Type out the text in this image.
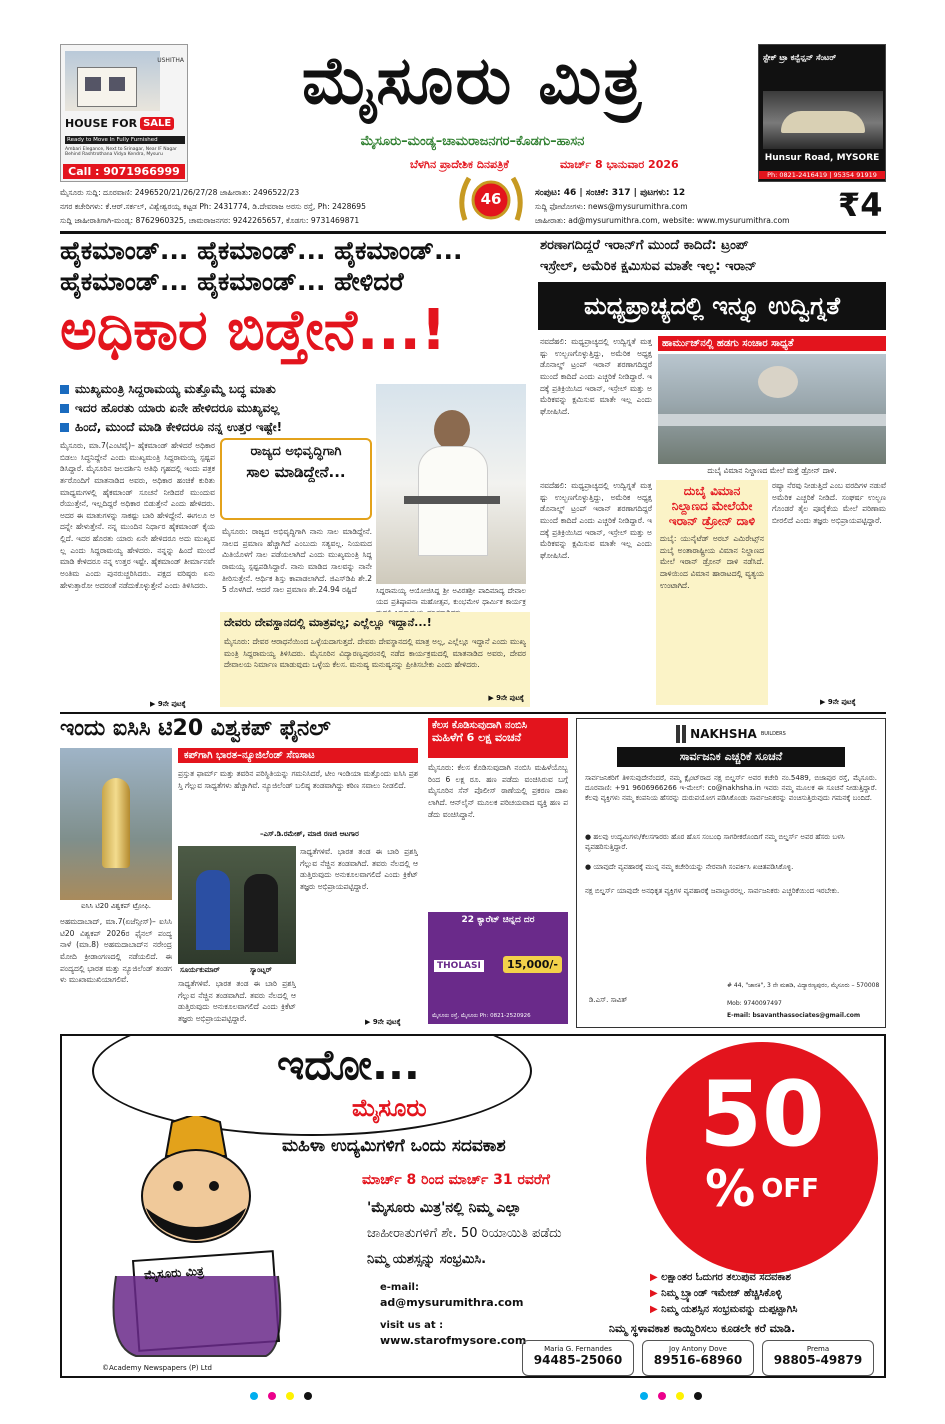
USHITHA
HOUSE FOR SALE
Ready to Move In Fully Furnished
Ambari Elegance, Next to Srinagar, Near IF Nagar Behind Rashtrothana Vidya Kendra, Mysuru
Call : 9071966999
ಮೈಸೂರು ಮಿತ್ರ
ಮೈಸೂರು–ಮಂಡ್ಯ–ಚಾಮರಾಜನಗರ–ಕೊಡಗು–ಹಾಸನ
ಬೆಳಗಿನ ಪ್ರಾದೇಶಿಕ ದಿನಪತ್ರಿಕೆ	ಮಾರ್ಚ್ 8 ಭಾನುವಾರ 2026
ಸ್ಟೇಕ್ ಟ್ರಾ ಕನ್ವೆನ್ಷನ್ ಸೆಂಟರ್
Hunsur Road, MYSORE
Ph: 0821-2416419 | 95354 91919
ಮೈಸೂರು ಸುದ್ದಿ: ದೂರವಾಣಿ: 2496520/21/26/27/28 ಜಾಹೀರಾತು: 2496522/23
ನಗರ ಕಚೇರಿಗಳು: ಕೆ.ಆರ್.ಸರ್ಕಲ್, ವಿಶ್ವೇಶ್ವರಯ್ಯ ಕಟ್ಟಡ Ph: 2431774, ಡಿ.ದೇವರಾಜ ಅರಸು ರಸ್ತೆ, Ph: 2428695
ಸುದ್ದಿ ಜಾಹೀರಾತಿಗಾಗಿ-ಮಂಡ್ಯ: 8762960325, ಚಾಮರಾಜನಗರ: 9242265657, ಕೊಡಗು: 9731469871
46	ಸಂಪುಟ: 46 | ಸಂಚಿಕೆ: 317 | ಪುಟಗಳು: 12
ಸುದ್ದಿ ಫೋಟೋಗಳು: news@mysurumithra.com
ಜಾಹೀರಾತು: ad@mysurumithra.com, website: www.mysurumithra.com ₹4
ಹೈಕಮಾಂಡ್... ಹೈಕಮಾಂಡ್... ಹೈಕಮಾಂಡ್...
ಹೈಕಮಾಂಡ್... ಹೈಕಮಾಂಡ್... ಹೇಳಿದರೆ
ಅಧಿಕಾರ ಬಿಡ್ತೇನೆ...!
ಮುಖ್ಯಮಂತ್ರಿ ಸಿದ್ದರಾಮಯ್ಯ ಮತ್ತೊಮ್ಮೆ ಬದ್ಧ ಮಾತು
ಇದರ ಹೊರತು ಯಾರು ಏನೇ ಹೇಳಿದರೂ ಮುಖ್ಯವಲ್ಲ
ಹಿಂದೆ, ಮುಂದೆ ಮಾಡಿ ಕೇಳಿದರೂ ನನ್ನ ಉತ್ತರ ಇಷ್ಟೇ!
ಮೈಸೂರು, ಮಾ.7(ಎಂಟಿವೈ)– ಹೈಕಮಾಂಡ್ ಹೇಳಿದರೆ ಅಧಿಕಾರ ಬಿಡಲು ಸಿದ್ಧನಿದ್ದೇನೆ ಎಂದು ಮುಖ್ಯಮಂತ್ರಿ ಸಿದ್ದರಾಮಯ್ಯ ಸ್ಪಷ್ಟಪಡಿಸಿದ್ದಾರೆ. ಮೈಸೂರಿನ ಜಲದರ್ಶಿನಿ ಅತಿಥಿ ಗೃಹದಲ್ಲಿ ಇಂದು ಪತ್ರಕರ್ತರೊಂದಿಗೆ ಮಾತನಾಡಿದ ಅವರು, ಅಧಿಕಾರ ಹಂಚಿಕೆ ಕುರಿತು ಮಾಧ್ಯಮಗಳಲ್ಲಿ ಹೈಕಮಾಂಡ್ ಸೂಚನೆ ನೀಡಿದರೆ ಮುಂದುವರೆಯುತ್ತೇನೆ, ಇಲ್ಲದಿದ್ದರೆ ಅಧಿಕಾರ ಬಿಡುತ್ತೇನೆ ಎಂದು ಹೇಳಿದರು. ಅದರ ಈ ಮಾತುಗಳನ್ನು ಸಾಕಷ್ಟು ಬಾರಿ ಹೇಳಿದ್ದೇನೆ. ಈಗಲೂ ಅದನ್ನೇ ಹೇಳುತ್ತೇನೆ. ನನ್ನ ಮುಂದಿನ ನಿರ್ಧಾರ ಹೈಕಮಾಂಡ್ ಕೈಯಲ್ಲಿದೆ. ಇದರ ಹೊರತು ಯಾರು ಏನೇ ಹೇಳಿದರೂ ಅದು ಮುಖ್ಯವಲ್ಲ ಎಂದು ಸಿದ್ದರಾಮಯ್ಯ ಹೇಳಿದರು. ನನ್ನನ್ನು ಹಿಂದೆ ಮುಂದೆ ಮಾಡಿ ಕೇಳಿದರೂ ನನ್ನ ಉತ್ತರ ಇಷ್ಟೇ. ಹೈಕಮಾಂಡ್ ತೀರ್ಮಾನವೇ ಅಂತಿಮ ಎಂದು ಪುನರುಚ್ಚರಿಸಿದರು. ಪಕ್ಷದ ವರಿಷ್ಠರು ಏನು ಹೇಳುತ್ತಾರೋ ಅದರಂತೆ ನಡೆದುಕೊಳ್ಳುತ್ತೇನೆ ಎಂದು ತಿಳಿಸಿದರು.
▶ 9ನೇ ಪುಟಕ್ಕೆ
ರಾಜ್ಯದ ಅಭಿವೃದ್ಧಿಗಾಗಿ
ಸಾಲ ಮಾಡಿದ್ದೇನೆ...
ಮೈಸೂರು: ರಾಜ್ಯದ ಅಭಿವೃದ್ಧಿಗಾಗಿ ನಾನು ಸಾಲ ಮಾಡಿದ್ದೇನೆ. ಸಾಲದ ಪ್ರಮಾಣ ಹೆಚ್ಚಾಗಿದೆ ಎಂಬುದು ಸತ್ಯವಲ್ಲ. ನಿಯಮದ ಮಿತಿಯೊಳಗೆ ಸಾಲ ಪಡೆಯಲಾಗಿದೆ ಎಂದು ಮುಖ್ಯಮಂತ್ರಿ ಸಿದ್ದರಾಮಯ್ಯ ಸ್ಪಷ್ಟಪಡಿಸಿದ್ದಾರೆ. ನಾನು ಮಾಡಿದ ಸಾಲವನ್ನು ನಾನೇ ತೀರಿಸುತ್ತೇನೆ. ಆರ್ಥಿಕ ಶಿಸ್ತು ಕಾಪಾಡಲಾಗಿದೆ. ಜಿಎಸ್‌ಡಿಪಿ ಶೇ.25 ರೊಳಗಿದೆ. ಆದರೆ ಸಾಲ ಪ್ರಮಾಣ ಶೇ.24.94 ರಷ್ಟಿದೆ	ಸಿದ್ದರಾಮಯ್ಯ ಆಯೋಜಿಸಿದ್ದ ಶ್ರೀ ಅವಿರತಶ್ರೀ ಪಾದಿಮಾದ್ಯ ದೇವಾಲಯದ ಪ್ರತಿಷ್ಠಾಪನಾ ಮಹೋತ್ಸವ, ಕುಂಭಮೇಳ ಧಾರ್ಮಿಕ ಕಾರ್ಯಕ್ರ
ದೇವರು ದೇವಸ್ಥಾನದಲ್ಲಿ ಮಾತ್ರವಲ್ಲ; ಎಲ್ಲೆಲ್ಲೂ ಇದ್ದಾನೆ...!
ಮೈಸೂರು: ದೇವರ ಆರಾಧನೆಯಿಂದ ಒಳ್ಳೆಯದಾಗುತ್ತದೆ. ದೇವರು ದೇವಸ್ಥಾನದಲ್ಲಿ ಮಾತ್ರ ಅಲ್ಲ, ಎಲ್ಲೆಲ್ಲೂ ಇದ್ದಾನೆ ಎಂದು ಮುಖ್ಯಮಂತ್ರಿ ಸಿದ್ದರಾಮಯ್ಯ ತಿಳಿಸಿದರು. ಮೈಸೂರಿನ ವಿದ್ಯಾರಣ್ಯಪುರಂನಲ್ಲಿ ನಡೆದ ಕಾರ್ಯಕ್ರಮದಲ್ಲಿ ಮಾತನಾಡಿದ ಅವರು, ದೇವರ ದೇವಾಲಯ ನಿರ್ಮಾಣ ಮಾಡುವುದು ಒಳ್ಳೆಯ ಕೆಲಸ. ಮನುಷ್ಯ ಮನುಷ್ಯನನ್ನು ಪ್ರೀತಿಸಬೇಕು ಎಂದು ಹೇಳಿದರು.
▶ 9ನೇ ಪುಟಕ್ಕೆ
ಶರಣಾಗದಿದ್ದರೆ ಇರಾನ್‌ಗೆ ಮುಂದೆ ಕಾದಿದೆ: ಟ್ರಂಪ್
ಇಸ್ರೇಲ್, ಅಮೆರಿಕ ಕ್ಷಮಿಸುವ ಮಾತೇ ಇಲ್ಲ: ಇರಾನ್
ಮಧ್ಯಪ್ರಾಚ್ಯದಲ್ಲಿ ಇನ್ನೂ ಉದ್ವಿಗ್ನತೆ
ನವದೆಹಲಿ: ಮಧ್ಯಪ್ರಾಚ್ಯದಲ್ಲಿ ಉದ್ವಿಗ್ನತೆ ಮತ್ತಷ್ಟು ಉಲ್ಬಣಗೊಳ್ಳುತ್ತಿದ್ದು, ಅಮೆರಿಕ ಅಧ್ಯಕ್ಷ ಡೊನಾಲ್ಡ್ ಟ್ರಂಪ್ ಇರಾನ್ ಶರಣಾಗದಿದ್ದರೆ ಮುಂದೆ ಕಾದಿದೆ ಎಂದು ಎಚ್ಚರಿಕೆ ನೀಡಿದ್ದಾರೆ. ಇದಕ್ಕೆ ಪ್ರತಿಕ್ರಿಯಿಸಿದ ಇರಾನ್, ಇಸ್ರೇಲ್ ಮತ್ತು ಅಮೆರಿಕವನ್ನು ಕ್ಷಮಿಸುವ ಮಾತೇ ಇಲ್ಲ ಎಂದು ಘೋಷಿಸಿದೆ.
ಹಾರ್ಮುಜ್‌ನಲ್ಲಿ ಹಡಗು ಸಂಚಾರ ಸಾಧ್ಯತೆ
ದುಬೈ ವಿಮಾನ ನಿಲ್ದಾಣದ ಮೇಲೆ ಮತ್ತೆ ಡ್ರೋನ್ ದಾಳಿ.
ನವದೆಹಲಿ: ಮಧ್ಯಪ್ರಾಚ್ಯದಲ್ಲಿ ಉದ್ವಿಗ್ನತೆ ಮತ್ತಷ್ಟು ಉಲ್ಬಣಗೊಳ್ಳುತ್ತಿದ್ದು, ಅಮೆರಿಕ ಅಧ್ಯಕ್ಷ ಡೊನಾಲ್ಡ್ ಟ್ರಂಪ್ ಇರಾನ್ ಶರಣಾಗದಿದ್ದರೆ ಮುಂದೆ ಕಾದಿದೆ ಎಂದು ಎಚ್ಚರಿಕೆ ನೀಡಿದ್ದಾರೆ. ಇದಕ್ಕೆ ಪ್ರತಿಕ್ರಿಯಿಸಿದ ಇರಾನ್, ಇಸ್ರೇಲ್ ಮತ್ತು ಅಮೆರಿಕವನ್ನು ಕ್ಷಮಿಸುವ ಮಾತೇ ಇಲ್ಲ ಎಂದು ಘೋಷಿಸಿದೆ.
ದುಬೈ ವಿಮಾನ
ನಿಲ್ದಾಣದ ಮೇಲೆಯೇ
ಇರಾನ್ ಡ್ರೋನ್ ದಾಳಿ
ದುಬೈ: ಯುನೈಟೆಡ್ ಅರಬ್ ಎಮಿರೇಟ್ಸ್‌ನ ದುಬೈ ಅಂತಾರಾಷ್ಟ್ರೀಯ ವಿಮಾನ ನಿಲ್ದಾಣದ ಮೇಲೆ ಇರಾನ್ ಡ್ರೋನ್ ದಾಳಿ ನಡೆಸಿದೆ. ದಾಳಿಯಿಂದ ವಿಮಾನ ಹಾರಾಟದಲ್ಲಿ ವ್ಯತ್ಯಯ ಉಂಟಾಗಿದೆ.
ರಷ್ಯಾ ನೆರವು ನೀಡುತ್ತಿದೆ ಎಂಬ ವರದಿಗಳ ನಡುವೆ ಅಮೆರಿಕ ಎಚ್ಚರಿಕೆ ನೀಡಿದೆ. ಸಂಘರ್ಷ ಉಲ್ಬಣಗೊಂಡರೆ ತೈಲ ಪೂರೈಕೆಯ ಮೇಲೆ ಪರಿಣಾಮ ಬೀರಲಿದೆ ಎಂದು ತಜ್ಞರು ಅಭಿಪ್ರಾಯಪಟ್ಟಿದ್ದಾರೆ.
▶ 9ನೇ ಪುಟಕ್ಕೆ
ಇಂದು ಐಸಿಸಿ ಟಿ20 ವಿಶ್ವಕಪ್ ಫೈನಲ್
ಐಸಿಸಿ ಟಿ20 ವಿಶ್ವಕಪ್ ಟ್ರೋಫಿ.
ಕಪ್‌ಗಾಗಿ ಭಾರತ–ನ್ಯೂಜಿಲೆಂಡ್ ಸೆಣಸಾಟ
ಪ್ರಸ್ತುತ ಫಾರ್ಮ್ ಮತ್ತು ತವರಿನ ಪರಿಸ್ಥಿತಿಯನ್ನು ಗಮನಿಸಿದರೆ, ಟೀಂ ಇಂಡಿಯಾ ಮತ್ತೊಂದು ಐಸಿಸಿ ಪ್ರಶಸ್ತಿ ಗೆಲ್ಲುವ ಸಾಧ್ಯತೆಗಳು ಹೆಚ್ಚಾಗಿವೆ. ನ್ಯೂಜಿಲೆಂಡ್ ಬಲಿಷ್ಠ ತಂಡವಾಗಿದ್ದು ಕಠಿಣ ಸವಾಲು ನೀಡಲಿದೆ.
–ಎಸ್.ಡಿ.ರಮೇಶ್, ಮಾಜಿ ರಣಜಿ ಆಟಗಾರ
ಸೂರ್ಯಕುಮಾರ್	ಸ್ಯಾಂಟ್ನರ್
ಅಹಮದಾಬಾದ್, ಮಾ.7(ಏಜೆನ್ಸೀಸ್)– ಐಸಿಸಿ ಟಿ20 ವಿಶ್ವಕಪ್ 2026ರ ಫೈನಲ್ ಪಂದ್ಯ ನಾಳೆ (ಮಾ.8) ಅಹಮದಾಬಾದ್‌ನ ನರೇಂದ್ರ ಮೋದಿ ಕ್ರೀಡಾಂಗಣದಲ್ಲಿ ನಡೆಯಲಿದೆ. ಈ ಪಂದ್ಯದಲ್ಲಿ ಭಾರತ ಮತ್ತು ನ್ಯೂಜಿಲೆಂಡ್ ತಂಡಗಳು ಮುಖಾಮುಖಿಯಾಗಲಿವೆ.	ಸಾಧ್ಯತೆಗಳಿವೆ. ಭಾರತ ತಂಡ ಈ ಬಾರಿ ಪ್ರಶಸ್ತಿ ಗೆಲ್ಲುವ ನೆಚ್ಚಿನ ತಂಡವಾಗಿದೆ. ತವರು ನೆಲದಲ್ಲಿ ಆಡುತ್ತಿರುವುದು ಅನುಕೂಲವಾಗಲಿದೆ ಎಂದು ಕ್ರಿಕೆಟ್ ತಜ್ಞರು ಅಭಿಪ್ರಾಯಪಟ್ಟಿದ್ದಾರೆ.
ಸಾಧ್ಯತೆಗಳಿವೆ. ಭಾರತ ತಂಡ ಈ ಬಾರಿ ಪ್ರಶಸ್ತಿ ಗೆಲ್ಲುವ ನೆಚ್ಚಿನ ತಂಡವಾಗಿದೆ. ತವರು ನೆಲದಲ್ಲಿ ಆಡುತ್ತಿರುವುದು ಅನುಕೂಲವಾಗಲಿದೆ ಎಂದು ಕ್ರಿಕೆಟ್ ತಜ್ಞರು ಅಭಿಪ್ರಾಯಪಟ್ಟಿದ್ದಾರೆ.
▶ 9ನೇ ಪುಟಕ್ಕೆ
ಕೆಲಸ ಕೊಡಿಸುವುದಾಗಿ ನಂಬಿಸಿ
ಮಹಿಳೆಗೆ 6 ಲಕ್ಷ ವಂಚನೆ
ಮೈಸೂರು: ಕೆಲಸ ಕೊಡಿಸುವುದಾಗಿ ನಂಬಿಸಿ ಮಹಿಳೆಯೊಬ್ಬರಿಂದ 6 ಲಕ್ಷ ರೂ. ಹಣ ಪಡೆದು ವಂಚಿಸಿರುವ ಬಗ್ಗೆ ಮೈಸೂರಿನ ಸೆನ್ ಪೊಲೀಸ್ ಠಾಣೆಯಲ್ಲಿ ಪ್ರಕರಣ ದಾಖಲಾಗಿದೆ. ಆನ್‌ಲೈನ್ ಮೂಲಕ ಪರಿಚಯವಾದ ವ್ಯಕ್ತಿ ಹಣ ಪಡೆದು ವಂಚಿಸಿದ್ದಾನೆ.
22 ಕ್ಯಾರೆಟ್ ಚಿನ್ನದ ದರ
THOLASI	15,000/-
ಮೈಸೂರು ರಸ್ತೆ, ಮೈಸೂರು Ph: 0821-2520926
NAKHSHA BUILDERS
ಸಾರ್ವಜನಿಕ ಎಚ್ಚರಿಕೆ ಸೂಚನೆ
ಸಾರ್ವಜನಿಕರಿಗೆ ತಿಳಿಸುವುದೇನೆಂದರೆ, ನಮ್ಮ ಕ್ಲೈಂಟ್‌ರಾದ ನಕ್ಷ ಬಿಲ್ಡರ್ಸ್ ಅವರ ಕಚೇರಿ ನಂ.5489, ಬಿಜಾಪುರ ರಸ್ತೆ, ಮೈಸೂರು. ದೂರವಾಣಿ: +91 9606966266 ಇ-ಮೇಲ್: co@nakhsha.in ಇವರು ನಮ್ಮ ಮೂಲಕ ಈ ಸೂಚನೆ ನೀಡುತ್ತಿದ್ದಾರೆ. ಕೆಲವು ವ್ಯಕ್ತಿಗಳು ನಮ್ಮ ಕಂಪನಿಯ ಹೆಸರನ್ನು ದುರುಪಯೋಗ ಪಡಿಸಿಕೊಂಡು ಸಾರ್ವಜನಿಕರನ್ನು ವಂಚಿಸುತ್ತಿರುವುದು ಗಮನಕ್ಕೆ ಬಂದಿದೆ.
● ಹಲವು ಉದ್ಯಮಿಗಳು/ಕೆಲಸಗಾರರು ಹೊರ ಹೊಸ ಸಂಬಂಧಿ ಸಾಗರೀಕರೊಂದಿಗೆ ನಮ್ಮ ಬಿಲ್ಡರ್ಸ್ ಅವರ ಹೆಸರು ಬಳಸಿ ವ್ಯವಹರಿಸುತ್ತಿದ್ದಾರೆ.
● ಯಾವುದೇ ವ್ಯವಹಾರಕ್ಕೆ ಮುನ್ನ ನಮ್ಮ ಕಚೇರಿಯನ್ನು ನೇರವಾಗಿ ಸಂಪರ್ಕಿಸಿ ಖಚಿತಪಡಿಸಿಕೊಳ್ಳಿ.
ನಕ್ಷ ಬಿಲ್ಡರ್ಸ್ ಯಾವುದೇ ಅನಧಿಕೃತ ವ್ಯಕ್ತಿಗಳ ವ್ಯವಹಾರಕ್ಕೆ ಜವಾಬ್ದಾರರಲ್ಲ. ಸಾರ್ವಜನಿಕರು ಎಚ್ಚರಿಕೆಯಿಂದ ಇರಬೇಕು.
ಡಿ.ಎಸ್. ಸಾವಿತ್
# 44, "ಜಾನಕಿ", 3 ನೇ ಮಹಡಿ, ವಿದ್ಯಾರಣ್ಯಪುರಂ, ಮೈಸೂರು – 570008
Mob: 9740097497
E-mail: bsavanthassociates@gmail.com
ಇದೋ...
ಮೈಸೂರು
ಮಹಿಳಾ ಉದ್ಯಮಿಗಳಿಗೆ ಒಂದು ಸದವಕಾಶ
ಮಾರ್ಚ್ 8 ರಿಂದ ಮಾರ್ಚ್ 31 ರವರೆಗೆ
'ಮೈಸೂರು ಮಿತ್ರ'ನಲ್ಲಿ ನಿಮ್ಮ ಎಲ್ಲಾ
ಜಾಹೀರಾತುಗಳಿಗೆ ಶೇ. 50 ರಿಯಾಯಿತಿ ಪಡೆದು
ನಿಮ್ಮ ಯಶಸ್ಸನ್ನು ಸಂಭ್ರಮಿಸಿ.
ಮೈಸೂರು ಮಿತ್ರ
©Academy Newspapers (P) Ltd
e-mail:
ad@mysurumithra.com
visit us at :
www.starofmysore.com
50
% OFF
▶ ಲಕ್ಷಾಂತರ ಓದುಗರ ತಲುಪುವ ಸದವಕಾಶ
▶ ನಿಮ್ಮ ಬ್ರ್ಯಾಂಡ್ ಇಮೇಜ್ ಹೆಚ್ಚಿಸಿಕೊಳ್ಳಿ
▶ ನಿಮ್ಮ ಯಶಸ್ಸಿನ ಸಂಭ್ರಮವನ್ನು ದುಪ್ಪಟ್ಟಾಗಿಸಿ
ನಿಮ್ಮ ಸ್ಥಳಾವಕಾಶ ಕಾಯ್ದಿರಿಸಲು ಕೂಡಲೇ ಕರೆ ಮಾಡಿ.
Maria G. Fernandes
94485-25060
Joy Antony Dove
89516-68960
Prema
98805-49879
